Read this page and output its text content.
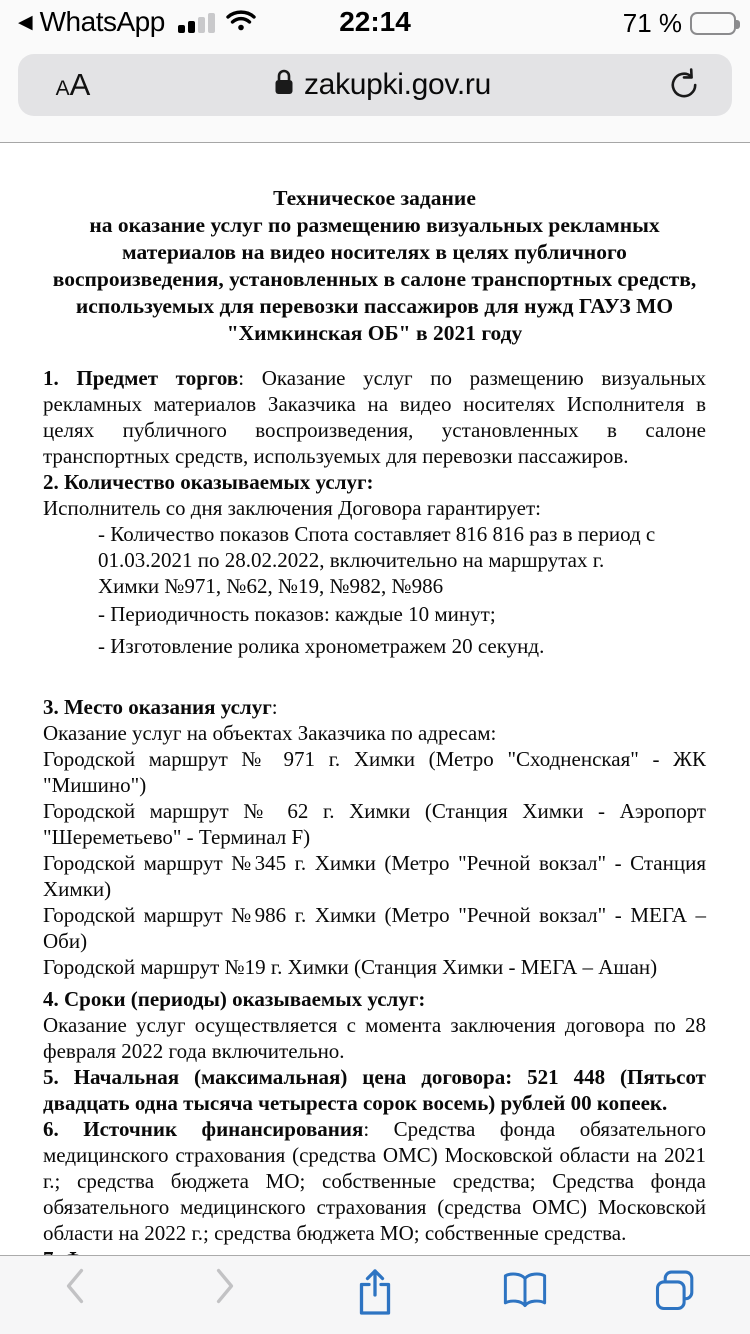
◀ WhatsApp	22:14	71 %
АА	zakupki.gov.ru
Техническое задание
на оказание услуг по размещению визуальных рекламных
материалов на видео носителях в целях публичного
воспроизведения, установленных в салоне транспортных средств,
используемых для перевозки пассажиров для нужд ГАУЗ МО
"Химкинская ОБ" в 2021 году
1. Предмет торгов: Оказание услуг по размещению визуальных рекламных материалов Заказчика на видео носителях Исполнителя в целях публичного воспроизведения, установленных в салоне транспортных средств, используемых для перевозки пассажиров.
2. Количество оказываемых услуг:
Исполнитель со дня заключения Договора гарантирует:
- Количество показов Спота составляет 816 816 раз в период с
01.03.2021 по 28.02.2022, включительно на маршрутах г.
Химки №971, №62, №19, №982, №986
- Периодичность показов: каждые 10 минут;
- Изготовление ролика хронометражем 20 секунд.
3. Место оказания услуг:
Оказание услуг на объектах Заказчика по адресам:
Городской маршрут № 971 г. Химки (Метро "Сходненская" - ЖК "Мишино")
Городской маршрут № 62 г. Химки (Станция Химки - Аэропорт "Шереметьево" - Терминал F)
Городской маршрут №345 г. Химки (Метро "Речной вокзал" - Станция Химки)
Городской маршрут №986 г. Химки (Метро "Речной вокзал" - МЕГА – Оби)
Городской маршрут №19 г. Химки (Станция Химки - МЕГА – Ашан)
4. Сроки (периоды) оказываемых услуг:
Оказание услуг осуществляется с момента заключения договора по 28 февраля 2022 года включительно.
5. Начальная (максимальная) цена договора: 521 448 (Пятьсот двадцать одна тысяча четыреста сорок восемь) рублей 00 копеек.
6. Источник финансирования: Средства фонда обязательного медицинского страхования (средства ОМС) Московской области на 2021 г.; средства бюджета МО; собственные средства; Средства фонда обязательного медицинского страхования (средства ОМС) Московской области на 2022 г.; средства бюджета МО; собственные средства.
